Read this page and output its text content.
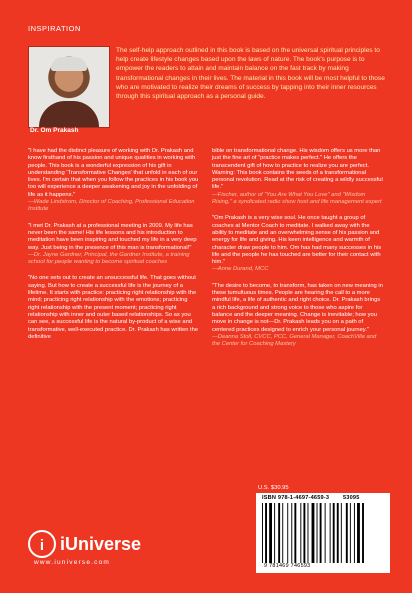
INSPIRATION
Dr. Om Prakash
The self-help approach outlined in this book is based on the universal spiritual principles to help create lifestyle changes based upon the laws of nature. The book's purpose is to empower the readers to attain and maintain balance on the fast track by making transformational changes in their lives. The material in this book will be most helpful to those who are motivated to realize their dreams of success by tapping into their inner resources through this spiritual approach as a personal guide.

"I have had the distinct pleasure of working with Dr. Prakash and know firsthand of his passion and unique qualities in working with people. This book is a wonderful expression of his gift in understanding 'Transformative Changes' that unfold in each of our lives. I'm certain that when you follow the practices in his book you too will experience a deeper awakening and joy in the unfolding of life as it happens."

—Wade Lindstrom, Director of Coaching, Professional Education Institute

"I met Dr. Prakash at a professional meeting in 2009. My life has never been the same! His life lessons and his introduction to meditation have been inspiring and touched my life in a very deep way. Just being in the presence of this man is transformational!"

—Dr. Jayne Gardner, Principal, the Gardner Institute, a training school for people wanting to become spiritual coaches

"No one sets out to create an unsuccessful life. That goes without saying. But how to create a successful life is the journey of a lifetime. It starts with practice: practicing right relationship with the mind; practicing right relationship with the emotions; practicing right relationship with the present moment; practicing right relationship with inner and outer based relationships. So as you can see, a successful life is the natural by-product of a wise and transformative, well-executed practice. Dr. Prakash has written the definitive

bible on transformational change. His wisdom offers us more than just the fine art of "practice makes perfect." He offers the transcendent gift of how to practice to realize you are perfect. Warning: This book contains the seeds of a transformational personal revolution. Read at the risk of creating a wildly successful life."

—Fischer, author of "You Are What You Love" and "Wisdom Rising," a syndicated radio show host and life management expert

"Om Prakash is a very wise soul. He once taught a group of coaches at Mentor Coach to meditate. I walked away with the ability to meditate and an overwhelming sense of his passion and energy for life and giving. His keen intelligence and warmth of character draw people to him. Om has had many successes in his life and the people he has touched are better for their contact with him."

—Anne Durand, MCC

"The desire to become, to transform, has taken on new meaning in these tumultuous times. People are hearing the call to a more mindful life, a life of authentic and right choice. Dr. Prakash brings a rich background and strong voice to those who aspire for balance and the deeper meaning. Change is inevitable; how you move in change is not—Dr. Prakash leads you on a path of centered practices designed to enrich your personal journey."

—Deanna Stoll, CVCC, PCC, General Manager, CoachVille and the Center for Coaching Mastery

U.S. $30.95
ISBN 978-1-4697-4659-3 53095
9 781469 746593
i iUniverse
www.iuniverse.com
